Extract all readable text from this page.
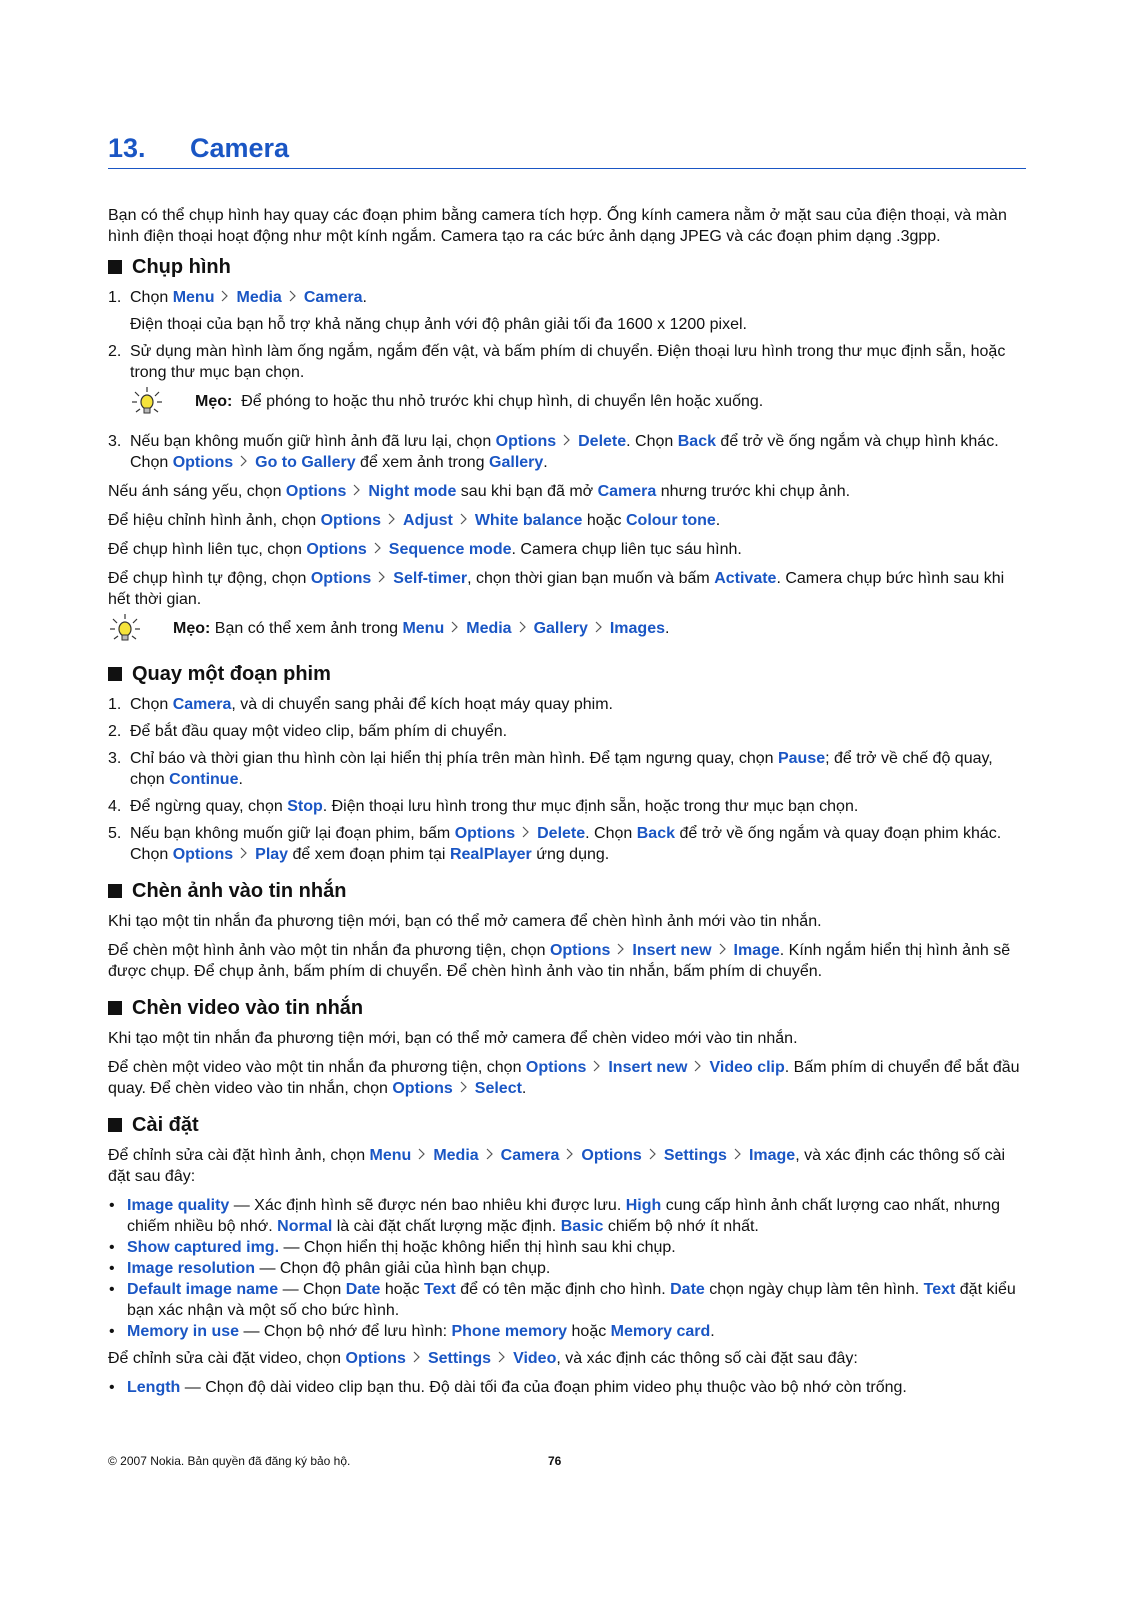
13. Camera

Bạn có thể chụp hình hay quay các đoạn phim bằng camera tích hợp. Ống kính camera nằm ở mặt sau của điện thoại, và màn hình điện thoại hoạt động như một kính ngắm. Camera tạo ra các bức ảnh dạng JPEG và các đoạn phim dạng .3gpp.

Chụp hình
1. Chọn Menu Media Camera.
Điện thoại của bạn hỗ trợ khả năng chụp ảnh với độ phân giải tối đa 1600 x 1200 pixel.
2. Sử dụng màn hình làm ống ngắm, ngắm đến vật, và bấm phím di chuyển. Điện thoại lưu hình trong thư mục định sẵn, hoặc trong thư mục bạn chọn.
Mẹo: Để phóng to hoặc thu nhỏ trước khi chụp hình, di chuyển lên hoặc xuống.
3. Nếu bạn không muốn giữ hình ảnh đã lưu lại, chọn Options Delete. Chọn Back để trở về ống ngắm và chụp hình khác. Chọn Options Go to Gallery để xem ảnh trong Gallery.

Nếu ánh sáng yếu, chọn Options Night mode sau khi bạn đã mở Camera nhưng trước khi chụp ảnh.

Để hiệu chỉnh hình ảnh, chọn Options Adjust White balance hoặc Colour tone.

Để chụp hình liên tục, chọn Options Sequence mode. Camera chụp liên tục sáu hình.

Để chụp hình tự động, chọn Options Self-timer, chọn thời gian bạn muốn và bấm Activate. Camera chụp bức hình sau khi hết thời gian.

Mẹo: Bạn có thể xem ảnh trong Menu Media Gallery Images.
Quay một đoạn phim
1. Chọn Camera, và di chuyển sang phải để kích hoạt máy quay phim.
2. Để bắt đầu quay một video clip, bấm phím di chuyển.
3. Chỉ báo và thời gian thu hình còn lại hiển thị phía trên màn hình. Để tạm ngưng quay, chọn Pause; để trở về chế độ quay, chọn Continue.
4. Để ngừng quay, chọn Stop. Điện thoại lưu hình trong thư mục định sẵn, hoặc trong thư mục bạn chọn.
5. Nếu bạn không muốn giữ lại đoạn phim, bấm Options Delete. Chọn Back để trở về ống ngắm và quay đoạn phim khác. Chọn Options Play để xem đoạn phim tại RealPlayer ứng dụng.
Chèn ảnh vào tin nhắn

Khi tạo một tin nhắn đa phương tiện mới, bạn có thể mở camera để chèn hình ảnh mới vào tin nhắn.

Để chèn một hình ảnh vào một tin nhắn đa phương tiện, chọn Options Insert new Image. Kính ngắm hiển thị hình ảnh sẽ được chụp. Để chụp ảnh, bấm phím di chuyển. Để chèn hình ảnh vào tin nhắn, bấm phím di chuyển.

Chèn video vào tin nhắn

Khi tạo một tin nhắn đa phương tiện mới, bạn có thể mở camera để chèn video mới vào tin nhắn.

Để chèn một video vào một tin nhắn đa phương tiện, chọn Options Insert new Video clip. Bấm phím di chuyển để bắt đầu quay. Để chèn video vào tin nhắn, chọn Options Select.

Cài đặt

Để chỉnh sửa cài đặt hình ảnh, chọn Menu Media Camera Options Settings Image, và xác định các thông số cài đặt sau đây:

• Image quality — Xác định hình sẽ được nén bao nhiêu khi được lưu. High cung cấp hình ảnh chất lượng cao nhất, nhưng chiếm nhiều bộ nhớ. Normal là cài đặt chất lượng mặc định. Basic chiếm bộ nhớ ít nhất.
• Show captured img. — Chọn hiển thị hoặc không hiển thị hình sau khi chụp.
• Image resolution — Chọn độ phân giải của hình bạn chụp.
• Default image name — Chọn Date hoặc Text để có tên mặc định cho hình. Date chọn ngày chụp làm tên hình. Text đặt kiểu bạn xác nhận và một số cho bức hình.
• Memory in use — Chọn bộ nhớ để lưu hình: Phone memory hoặc Memory card.

Để chỉnh sửa cài đặt video, chọn Options Settings Video, và xác định các thông số cài đặt sau đây:

• Length — Chọn độ dài video clip bạn thu. Độ dài tối đa của đoạn phim video phụ thuộc vào bộ nhớ còn trống.
© 2007 Nokia. Bản quyền đã đăng ký bảo hộ.	76
